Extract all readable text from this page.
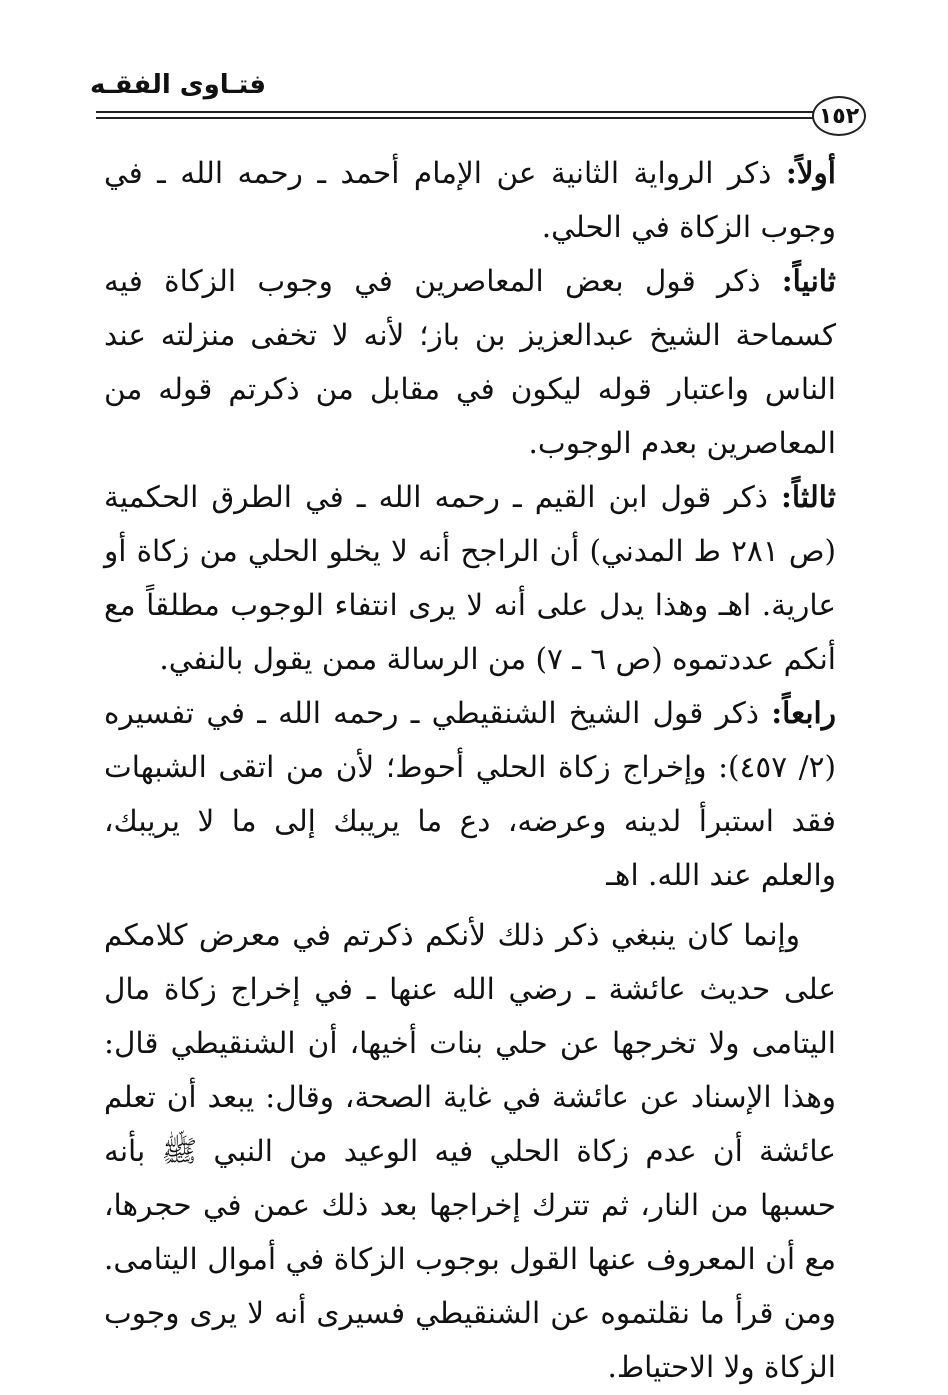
فتـاوى الفقـه
١٥٢

أولاً: ذكر الرواية الثانية عن الإمام أحمد ـ رحمه الله ـ في وجوب الزكاة في الحلي.

ثانياً: ذكر قول بعض المعاصرين في وجوب الزكاة فيه كسماحة الشيخ عبدالعزيز بن باز؛ لأنه لا تخفى منزلته عند الناس واعتبار قوله ليكون في مقابل من ذكرتم قوله من المعاصرين بعدم الوجوب.

ثالثاً: ذكر قول ابن القيم ـ رحمه الله ـ في الطرق الحكمية (ص ٢٨١ ط المدني) أن الراجح أنه لا يخلو الحلي من زكاة أو عارية. اهـ وهذا يدل على أنه لا يرى انتفاء الوجوب مطلقاً مع أنكم عددتموه (ص ٦ ـ ٧) من الرسالة ممن يقول بالنفي.

رابعاً: ذكر قول الشيخ الشنقيطي ـ رحمه الله ـ في تفسيره (٢/ ٤٥٧): وإخراج زكاة الحلي أحوط؛ لأن من اتقى الشبهات فقد استبرأ لدينه وعرضه، دع ما يريبك إلى ما لا يريبك، والعلم عند الله. اهـ

وإنما كان ينبغي ذكر ذلك لأنكم ذكرتم في معرض كلامكم على حديث عائشة ـ رضي الله عنها ـ في إخراج زكاة مال اليتامى ولا تخرجها عن حلي بنات أخيها، أن الشنقيطي قال: وهذا الإسناد عن عائشة في غاية الصحة، وقال: يبعد أن تعلم عائشة أن عدم زكاة الحلي فيه الوعيد من النبي ﷺ بأنه حسبها من النار، ثم تترك إخراجها بعد ذلك عمن في حجرها، مع أن المعروف عنها القول بوجوب الزكاة في أموال اليتامى. ومن قرأ ما نقلتموه عن الشنقيطي فسيرى أنه لا يرى وجوب الزكاة ولا الاحتياط.
